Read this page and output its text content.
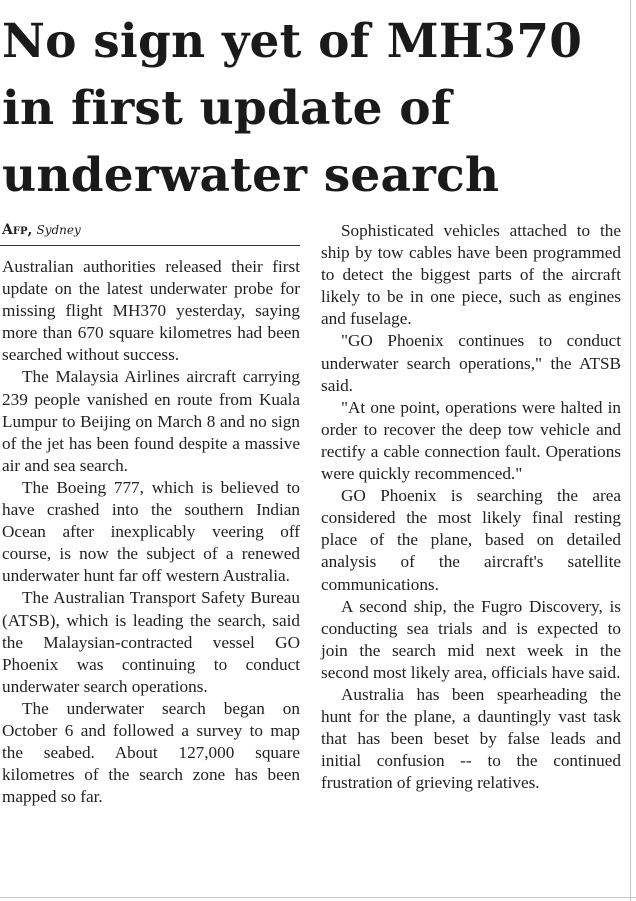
No sign yet of MH370
in first update of
underwater search
Afp, Sydney

Australian authorities released their first update on the latest underwater probe for missing flight MH370 yesterday, saying more than 670 square kilometres had been searched without success.

The Malaysia Airlines aircraft carrying 239 people vanished en route from Kuala Lumpur to Beijing on March 8 and no sign of the jet has been found despite a massive air and sea search.

The Boeing 777, which is believed to have crashed into the southern Indian Ocean after inexplicably veering off course, is now the subject of a renewed underwater hunt far off western Australia.

The Australian Transport Safety Bureau (ATSB), which is leading the search, said the Malaysian-contracted vessel GO Phoenix was continuing to conduct underwater search operations.

The underwater search began on October 6 and followed a survey to map the seabed. About 127,000 square kilometres of the search zone has been mapped so far.

Sophisticated vehicles attached to the ship by tow cables have been programmed to detect the biggest parts of the aircraft likely to be in one piece, such as engines and fuselage.

"GO Phoenix continues to conduct underwater search operations," the ATSB said.

"At one point, operations were halted in order to recover the deep tow vehicle and rectify a cable connection fault. Operations were quickly recommenced."

GO Phoenix is searching the area considered the most likely final resting place of the plane, based on detailed analysis of the aircraft's satellite communications.

A second ship, the Fugro Discovery, is conducting sea trials and is expected to join the search mid next week in the second most likely area, officials have said.

Australia has been spearheading the hunt for the plane, a dauntingly vast task that has been beset by false leads and initial confusion -- to the continued frustration of grieving relatives.
